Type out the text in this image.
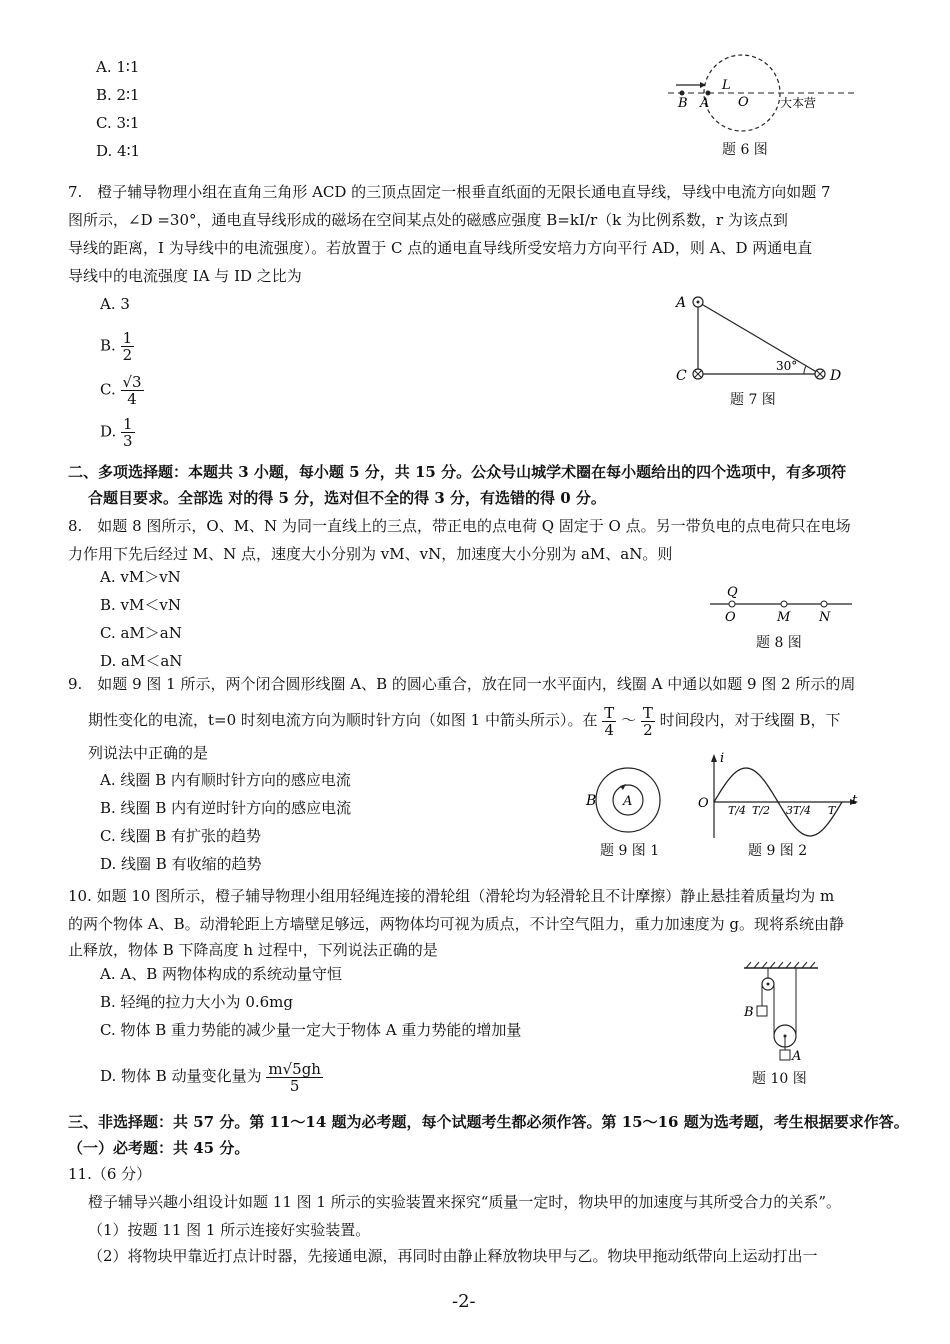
A. 1∶1
B. 2∶1
C. 3∶1
D. 4∶1
B A
L
O	大本营
题 6 图
7.　橙子辅导物理小组在直角三角形 ACD 的三顶点固定一根垂直纸面的无限长通电直导线，导线中电流方向如题 7
图所示，∠D =30°，通电直导线形成的磁场在空间某点处的磁感应强度 B=kI/r（k 为比例系数，r 为该点到
导线的距离，I 为导线中的电流强度）。若放置于 C 点的通电直导线所受安培力方向平行 AD，则 A、D 两通电直
导线中的电流强度 IA 与 ID 之比为
A. 3
B. $\frac{1}{2}$
C. $\frac{√3}{4}$
D. $\frac{1}{3}$
A
C	D
30°
题 7 图
二、多项选择题：本题共 3 小题，每小题 5 分，共 15 分。公众号山城学术圈在每小题给出的四个选项中，有多项符
合题目要求。全部选 对的得 5 分，选对但不全的得 3 分，有选错的得 0 分。
8.　如题 8 图所示，O、M、N 为同一直线上的三点，带正电的点电荷 Q 固定于 O 点。另一带负电的点电荷只在电场
力作用下先后经过 M、N 点，速度大小分别为 vM、vN，加速度大小分别为 aM、aN。则
A. vM＞vN
B. vM＜vN
C. aM＞aN
D. aM＜aN
Q
O	M N
题 8 图
9.　如题 9 图 1 所示，两个闭合圆形线圈 A、B 的圆心重合，放在同一水平面内，线圈 A 中通以如题 9 图 2 所示的周
期性变化的电流，t=0 时刻电流方向为顺时针方向（如图 1 中箭头所示）。在 $\frac{T}{4}$ ～ $\frac{T}{2}$ 时间段内，对于线圈 B，下
列说法中正确的是
A. 线圈 B 内有顺时针方向的感应电流
B. 线圈 B 内有逆时针方向的感应电流
C. 线圈 B 有扩张的趋势
D. 线圈 B 有收缩的趋势
A
B
题 9 图 1
i
O	t
T/4 T/2 3T/4 T
题 9 图 2
10. 如题 10 图所示，橙子辅导物理小组用轻绳连接的滑轮组（滑轮均为轻滑轮且不计摩擦）静止悬挂着质量均为 m
的两个物体 A、B。动滑轮距上方墙壁足够远，两物体均可视为质点，不计空气阻力，重力加速度为 g。现将系统由静
止释放，物体 B 下降高度 h 过程中，下列说法正确的是
A. A、B 两物体构成的系统动量守恒
B. 轻绳的拉力大小为 0.6mg
C. 物体 B 重力势能的减少量一定大于物体 A 重力势能的增加量
D. 物体 B 动量变化量为 $\frac{m√5gh}{5}$
B
A
题 10 图
三、非选择题：共 57 分。第 11～14 题为必考题，每个试题考生都必须作答。第 15～16 题为选考题，考生根据要求作答。
（一）必考题：共 45 分。
11.（6 分）
橙子辅导兴趣小组设计如题 11 图 1 所示的实验装置来探究“质量一定时，物块甲的加速度与其所受合力的关系”。
（1）按题 11 图 1 所示连接好实验装置。
（2）将物块甲靠近打点计时器，先接通电源，再同时由静止释放物块甲与乙。物块甲拖动纸带向上运动打出一
-2-
